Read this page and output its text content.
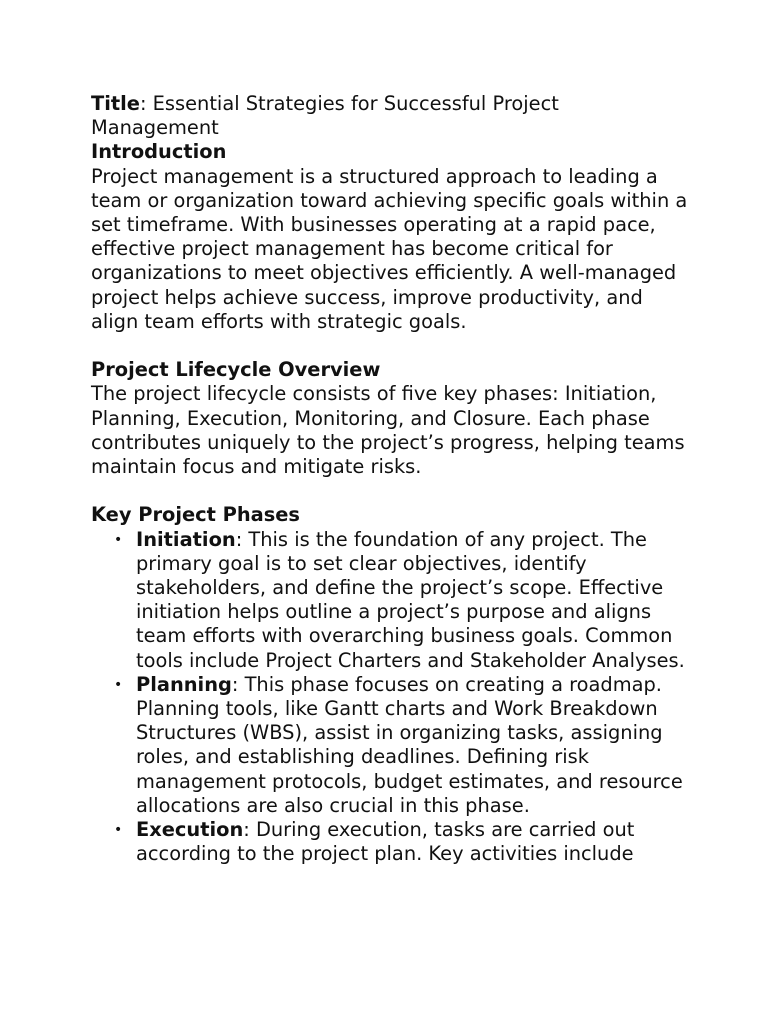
Title: Essential Strategies for Successful Project Management

Introduction

Project management is a structured approach to leading a team or organization toward achieving specific goals within a set timeframe. With businesses operating at a rapid pace, effective project management has become critical for organizations to meet objectives efficiently. A well-managed project helps achieve success, improve productivity, and align team efforts with strategic goals.

Project Lifecycle Overview

The project lifecycle consists of five key phases: Initiation, Planning, Execution, Monitoring, and Closure. Each phase contributes uniquely to the project’s progress, helping teams maintain focus and mitigate risks.

Key Project Phases

• Initiation: This is the foundation of any project. The primary goal is to set clear objectives, identify stakeholders, and define the project’s scope. Effective initiation helps outline a project’s purpose and aligns team efforts with overarching business goals. Common tools include Project Charters and Stakeholder Analyses.
• Planning: This phase focuses on creating a roadmap. Planning tools, like Gantt charts and Work Breakdown Structures (WBS), assist in organizing tasks, assigning roles, and establishing deadlines. Defining risk management protocols, budget estimates, and resource allocations are also crucial in this phase.
• Execution: During execution, tasks are carried out according to the project plan. Key activities include
